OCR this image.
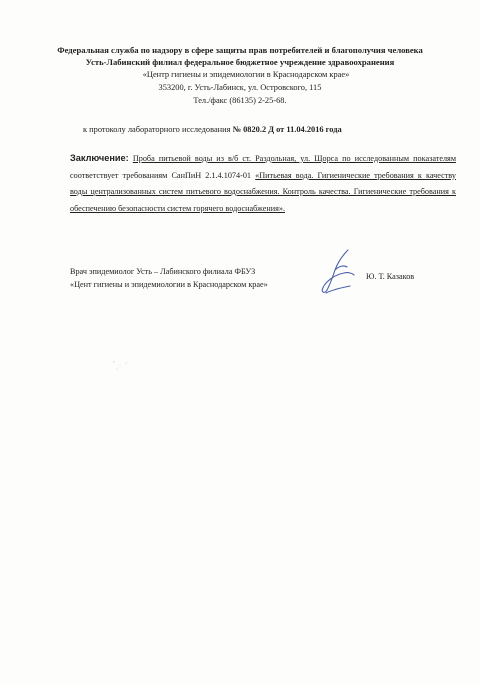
Федеральная служба по надзору в сфере защиты прав потребителей и благополучия человека
Усть-Лабинский филиал федеральное бюджетное учреждение здравоохранения
«Центр гигиены и эпидемиологии в Краснодарском крае»
353200, г. Усть-Лабинск, ул. Островского, 115
Тел./факс (86135) 2-25-68.
к протоколу лабораторного исследования № 0820.2 Д от 11.04.2016 года
Заключение: Проба питьевой воды из в/б ст. Раздольная, ул. Щорса по исследованным показателям соответствует требованиям СанПиН 2.1.4.1074-01 «Питьевая вода. Гигиенические требования к качеству воды централизованных систем питьевого водоснабжения. Контроль качества. Гигиенические требования к обеспечению безопасности систем горячего водоснабжения».
Врач эпидемиолог Усть – Лабинского филиала ФБУЗ
«Цент гигиены и эпидемиологии в Краснодарском крае»
Ю. Т. Казаков
